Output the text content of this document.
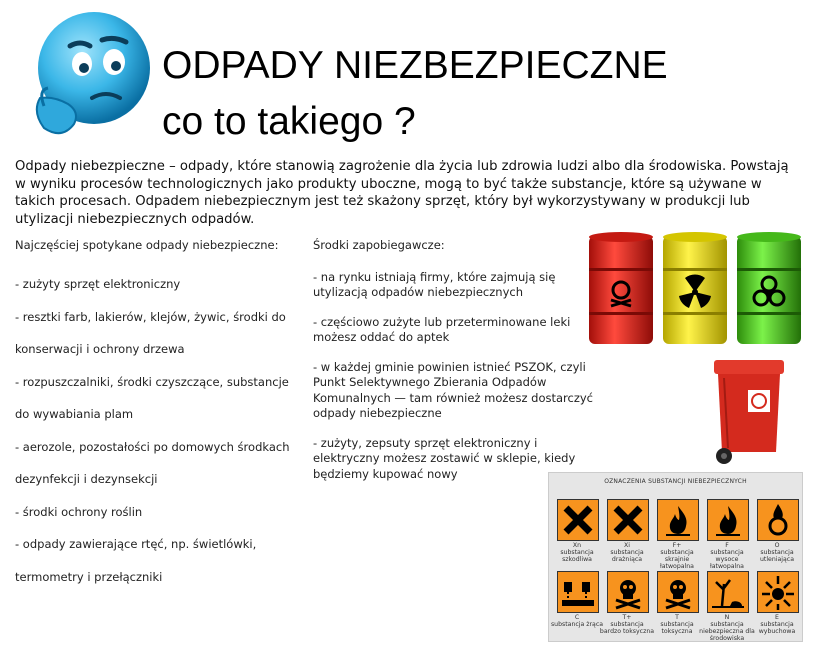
ODPADY NIEZBEZPIECZNE
co to takiego ?
Odpady niebezpieczne – odpady, które stanowią zagrożenie dla życia lub zdrowia ludzi albo dla środowiska. Powstają w wyniku procesów technologicznych jako produkty uboczne, mogą to być także substancje, które są używane w takich procesach. Odpadem niebezpiecznym jest też skażony sprzęt, który był wykorzystywany w produkcji lub utylizacji niebezpiecznych odpadów.

Najczęściej spotykane odpady niebezpieczne:

- zużyty sprzęt elektroniczny

- resztki farb, lakierów, klejów, żywic, środki do

konserwacji i ochrony drzewa

- rozpuszczalniki, środki czyszczące, substancje

do wywabiania plam

- aerozole, pozostałości po domowych środkach

dezynfekcji i dezynsekcji

- środki ochrony roślin

- odpady zawierające rtęć, np. świetlówki,

termometry i przełączniki

Środki zapobiegawcze:

- na rynku istniają firmy, które zajmują się utylizacją odpadów niebezpiecznych

- częściowo zużyte lub przeterminowane leki możesz oddać do aptek

- w każdej gminie powinien istnieć PSZOK, czyli Punkt Selektywnego Zbierania Odpadów Komunalnych — tam również możesz dostarczyć odpady niebezpieczne

- zużyty, zepsuty sprzęt elektroniczny i elektryczny możesz zostawić w sklepie, kiedy będziemy kupować nowy

OZNACZENIA SUBSTANCJI NIEBEZPIECZNYCH
Xn
substancja szkodliwa
Xi
substancja drażniąca
F+
substancja skrajnie łatwopalna
F
substancja wysoce łatwopalna
O
substancja utleniająca
C
substancja żrąca
T+
substancja bardzo toksyczna
T
substancja toksyczna
N
substancja niebezpieczna dla środowiska
E
substancja wybuchowa
